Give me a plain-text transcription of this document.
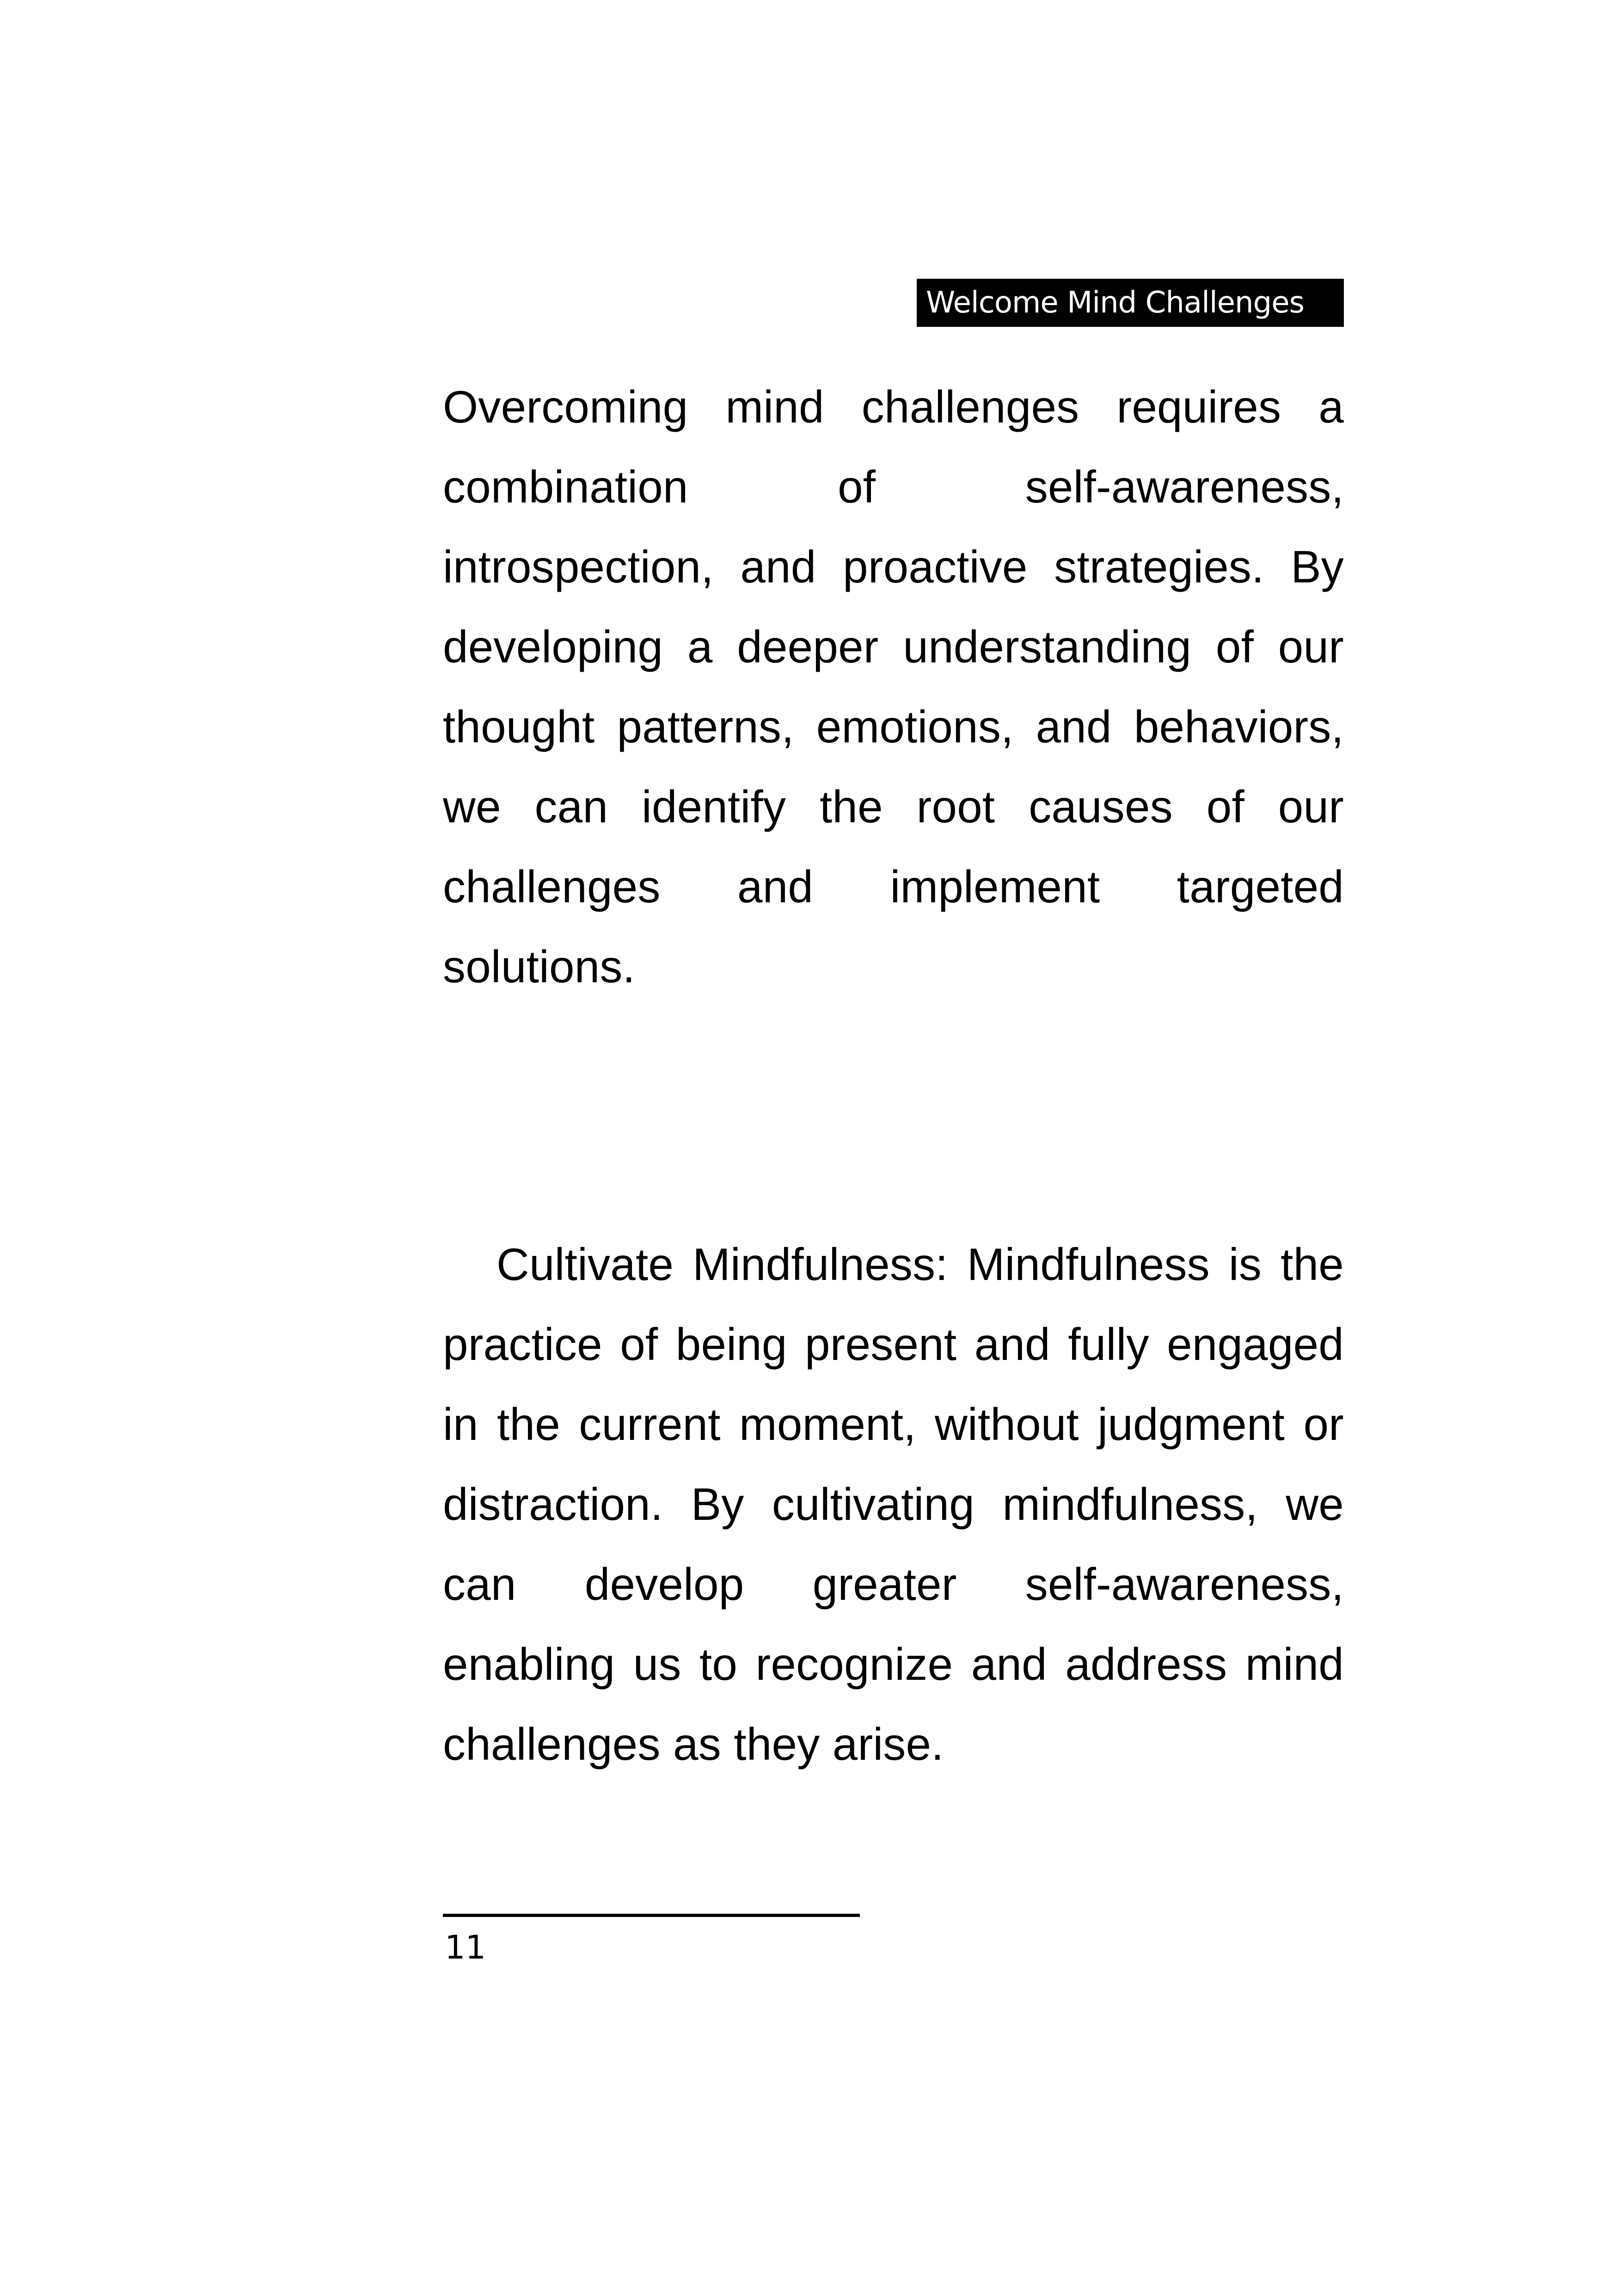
Welcome Mind Challenges

Overcoming mind challenges requires a combination of self-awareness, introspection, and proactive strategies. By developing a deeper understanding of our thought patterns, emotions, and behaviors, we can identify the root causes of our challenges and implement targeted solutions.

Cultivate Mindfulness: Mindfulness is the practice of being present and fully engaged in the current moment, without judgment or distraction. By cultivating mindfulness, we can develop greater self-awareness, enabling us to recognize and address mind challenges as they arise.

11
